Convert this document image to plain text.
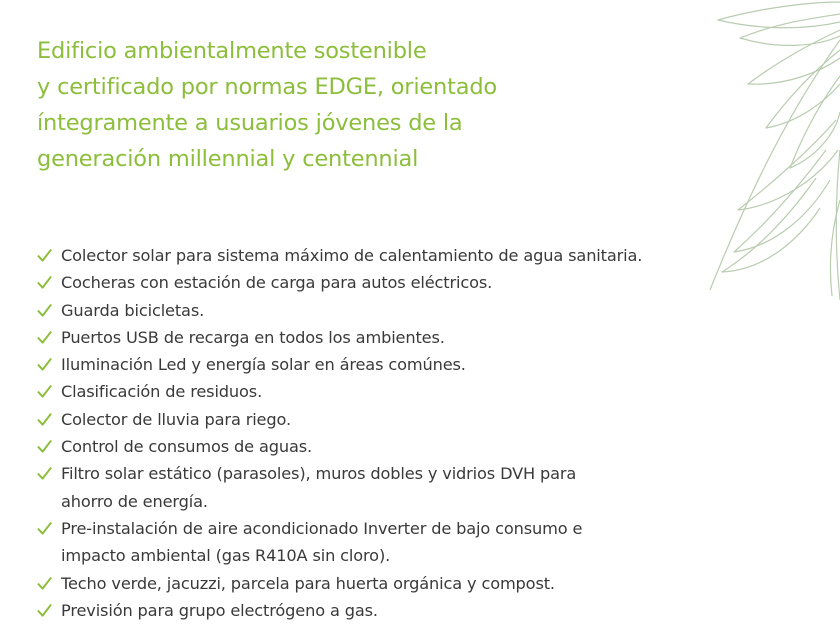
Edificio ambientalmente sostenible
y certificado por normas EDGE, orientado
íntegramente a usuarios jóvenes de la
generación millennial y centennial
Colector solar para sistema máximo de calentamiento de agua sanitaria.
Cocheras con estación de carga para autos eléctricos.
Guarda bicicletas.
Puertos USB de recarga en todos los ambientes.
Iluminación Led y energía solar en áreas comúnes.
Clasificación de residuos.
Colector de lluvia para riego.
Control de consumos de aguas.
Filtro solar estático (parasoles), muros dobles y vidrios DVH para
ahorro de energía.
Pre-instalación de aire acondicionado Inverter de bajo consumo e
impacto ambiental (gas R410A sin cloro).
Techo verde, jacuzzi, parcela para huerta orgánica y compost.
Previsión para grupo electrógeno a gas.
